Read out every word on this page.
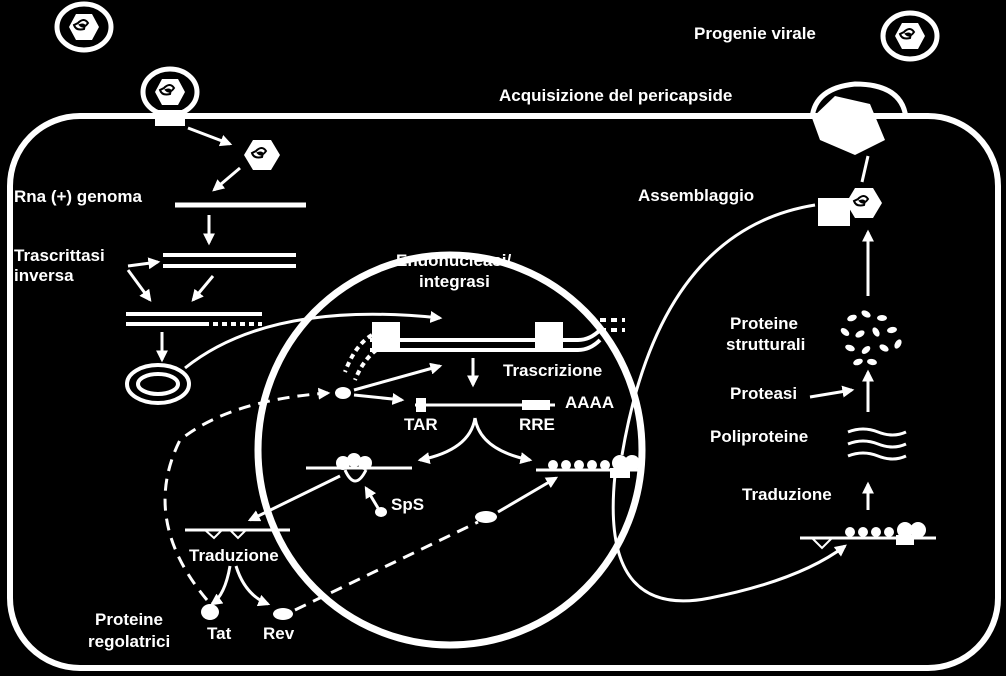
Progenie virale
Acquisizione del pericapside
Rna (+) genoma
Trascrittasi
inversa
Endonucleasi/
integrasi
Trascrizione
AAAA
TAR	RRE
SpS
Traduzione
Tat Rev
Proteine
regolatrici
Assemblaggio
Proteine
strutturali
Proteasi
Poliproteine
Traduzione
